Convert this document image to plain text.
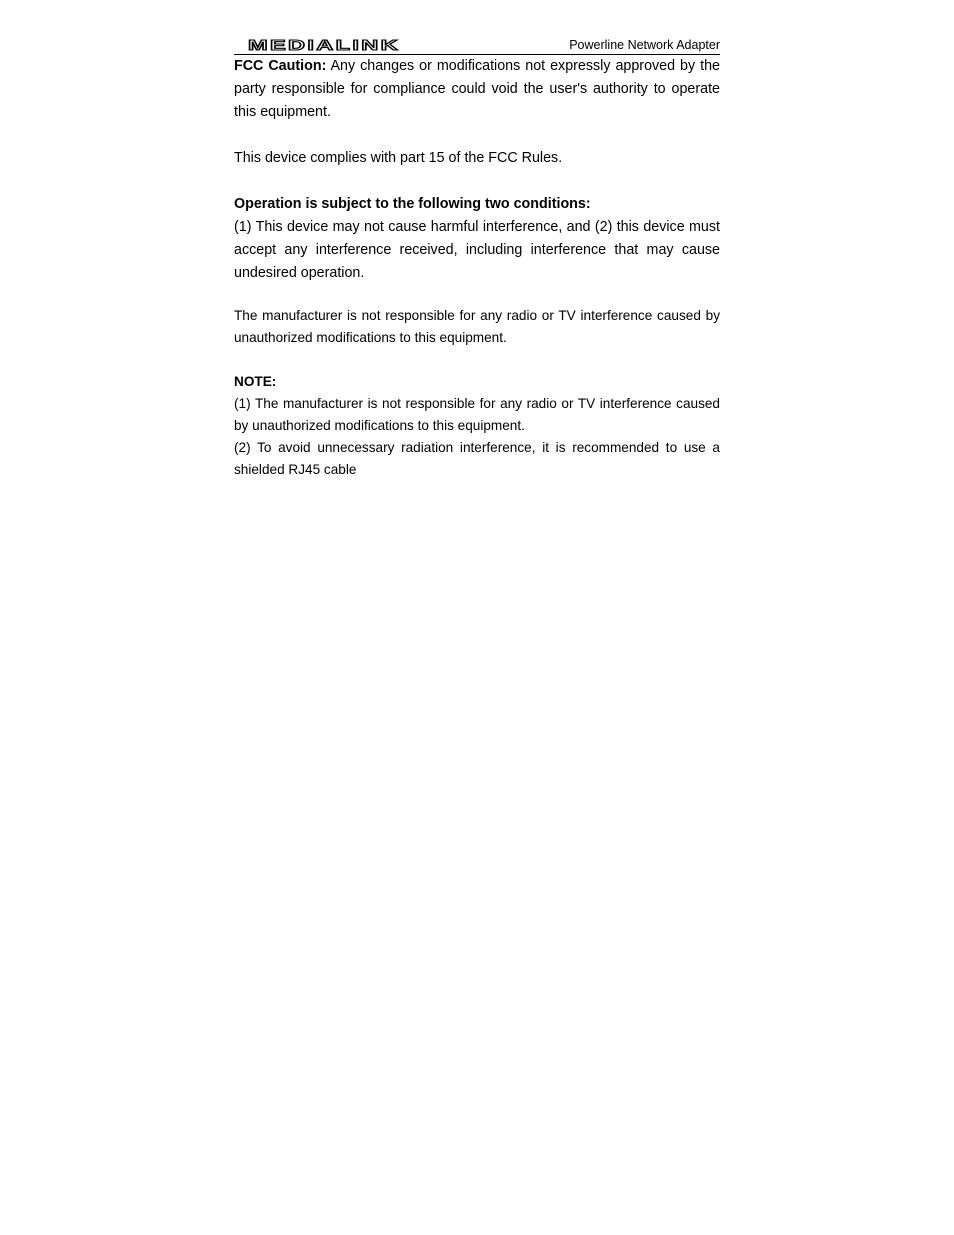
MEDIALINK	Powerline Network Adapter

FCC Caution: Any changes or modifications not expressly approved by the party responsible for compliance could void the user's authority to operate this equipment.

This device complies with part 15 of the FCC Rules.

Operation is subject to the following two conditions:

(1) This device may not cause harmful interference, and (2) this device must accept any interference received, including interference that may cause undesired operation.

The manufacturer is not responsible for any radio or TV interference caused by unauthorized modifications to this equipment.

NOTE:

(1) The manufacturer is not responsible for any radio or TV interference caused by unauthorized modifications to this equipment.

(2) To avoid unnecessary radiation interference, it is recommended to use a shielded RJ45 cable
